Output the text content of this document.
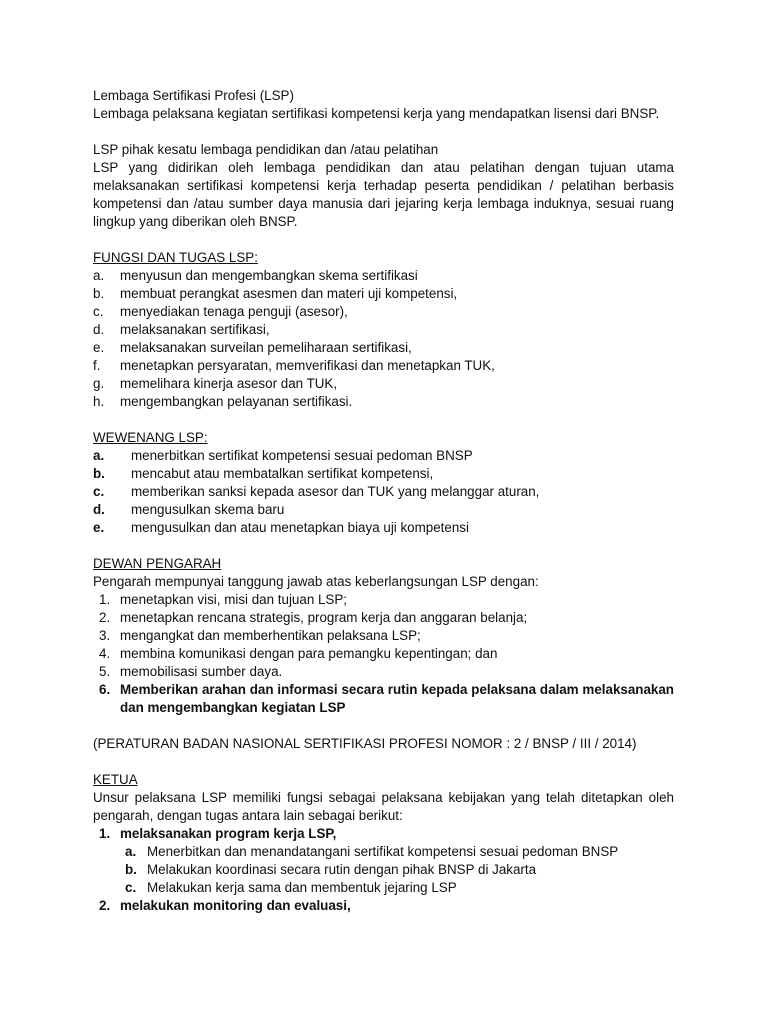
Lembaga Sertifikasi Profesi (LSP)

Lembaga pelaksana kegiatan sertifikasi kompetensi kerja yang mendapatkan lisensi dari BNSP.

LSP pihak kesatu lembaga pendidikan dan /atau pelatihan

LSP yang didirikan oleh lembaga pendidikan dan atau pelatihan dengan tujuan utama melaksanakan sertifikasi kompetensi kerja terhadap peserta pendidikan / pelatihan berbasis kompetensi dan /atau sumber daya manusia dari jejaring kerja lembaga induknya, sesuai ruang lingkup yang diberikan oleh BNSP.

FUNGSI DAN TUGAS LSP:

a.	menyusun dan mengembangkan skema sertifikasi
b.	membuat perangkat asesmen dan materi uji kompetensi,
c.	menyediakan tenaga penguji (asesor),
d.	melaksanakan sertifikasi,
e.	melaksanakan surveilan pemeliharaan sertifikasi,
f.	menetapkan persyaratan, memverifikasi dan menetapkan TUK,
g.	memelihara kinerja asesor dan TUK,
h.	mengembangkan pelayanan sertifikasi.

WEWENANG LSP:

a.	menerbitkan sertifikat kompetensi sesuai pedoman BNSP
b.	mencabut atau membatalkan sertifikat kompetensi,
c.	memberikan sanksi kepada asesor dan TUK yang melanggar aturan,
d.	mengusulkan skema baru
e.	mengusulkan dan atau menetapkan biaya uji kompetensi

DEWAN PENGARAH

Pengarah mempunyai tanggung jawab atas keberlangsungan LSP dengan:

1. menetapkan visi, misi dan tujuan LSP;
2. menetapkan rencana strategis, program kerja dan anggaran belanja;
3. mengangkat dan memberhentikan pelaksana LSP;
4. membina komunikasi dengan para pemangku kepentingan; dan
5. memobilisasi sumber daya.
6. Memberikan arahan dan informasi secara rutin kepada pelaksana dalam melaksanakan dan mengembangkan kegiatan LSP

(PERATURAN BADAN NASIONAL SERTIFIKASI PROFESI NOMOR : 2 / BNSP / III / 2014)

KETUA

Unsur pelaksana LSP memiliki fungsi sebagai pelaksana kebijakan yang telah ditetapkan oleh pengarah, dengan tugas antara lain sebagai berikut:

1. melaksanakan program kerja LSP,
a. Menerbitkan dan menandatangani sertifikat kompetensi sesuai pedoman BNSP
b. Melakukan koordinasi secara rutin dengan pihak BNSP di Jakarta
c. Melakukan kerja sama dan membentuk jejaring LSP
2. melakukan monitoring dan evaluasi,
